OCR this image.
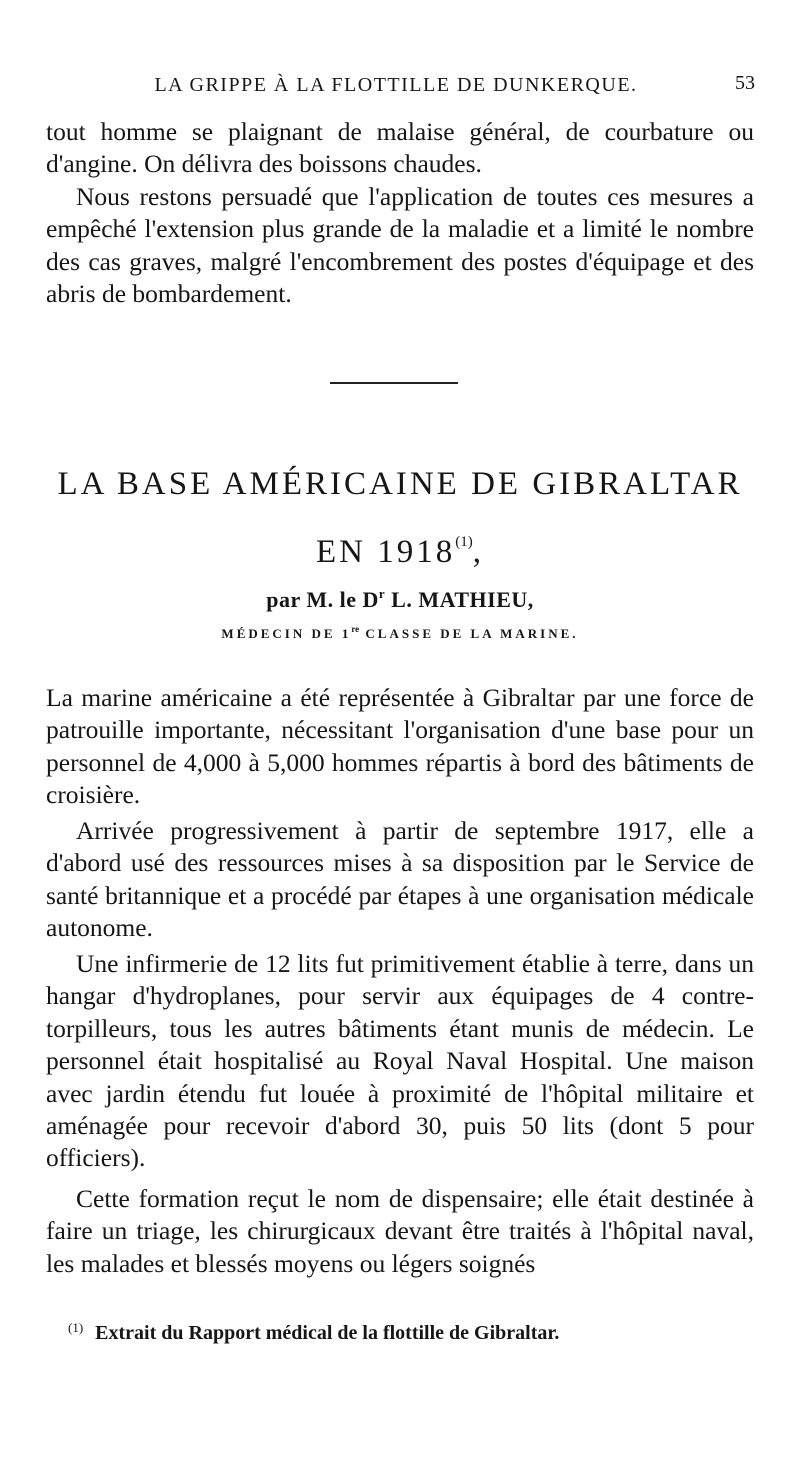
LA GRIPPE À LA FLOTTILLE DE DUNKERQUE.	53

tout homme se plaignant de malaise général, de courbature ou d'angine. On délivra des boissons chaudes.

Nous restons persuadé que l'application de toutes ces mesures a empêché l'extension plus grande de la maladie et a limité le nombre des cas graves, malgré l'encombrement des postes d'équipage et des abris de bombardement.

LA BASE AMÉRICAINE DE GIBRALTAR
EN 1918$^{(1)}$,
par M. le $D^r$ L. MATHIEU,
MÉDECIN DE 1re CLASSE DE LA MARINE.

La marine américaine a été représentée à Gibraltar par une force de patrouille importante, nécessitant l'organisation d'une base pour un personnel de 4,000 à 5,000 hommes répartis à bord des bâtiments de croisière.

Arrivée progressivement à partir de septembre 1917, elle a d'abord usé des ressources mises à sa disposition par le Service de santé britannique et a procédé par étapes à une organisation médicale autonome.

Une infirmerie de 12 lits fut primitivement établie à terre, dans un hangar d'hydroplanes, pour servir aux équipages de 4 contre-torpilleurs, tous les autres bâtiments étant munis de médecin. Le personnel était hospitalisé au Royal Naval Hospital. Une maison avec jardin étendu fut louée à proximité de l'hôpital militaire et aménagée pour recevoir d'abord 30, puis 50 lits (dont 5 pour officiers).

Cette formation reçut le nom de dispensaire; elle était destinée à faire un triage, les chirurgicaux devant être traités à l'hôpital naval, les malades et blessés moyens ou légers soignés

$^{(1)}$ Extrait du Rapport médical de la flottille de Gibraltar.
